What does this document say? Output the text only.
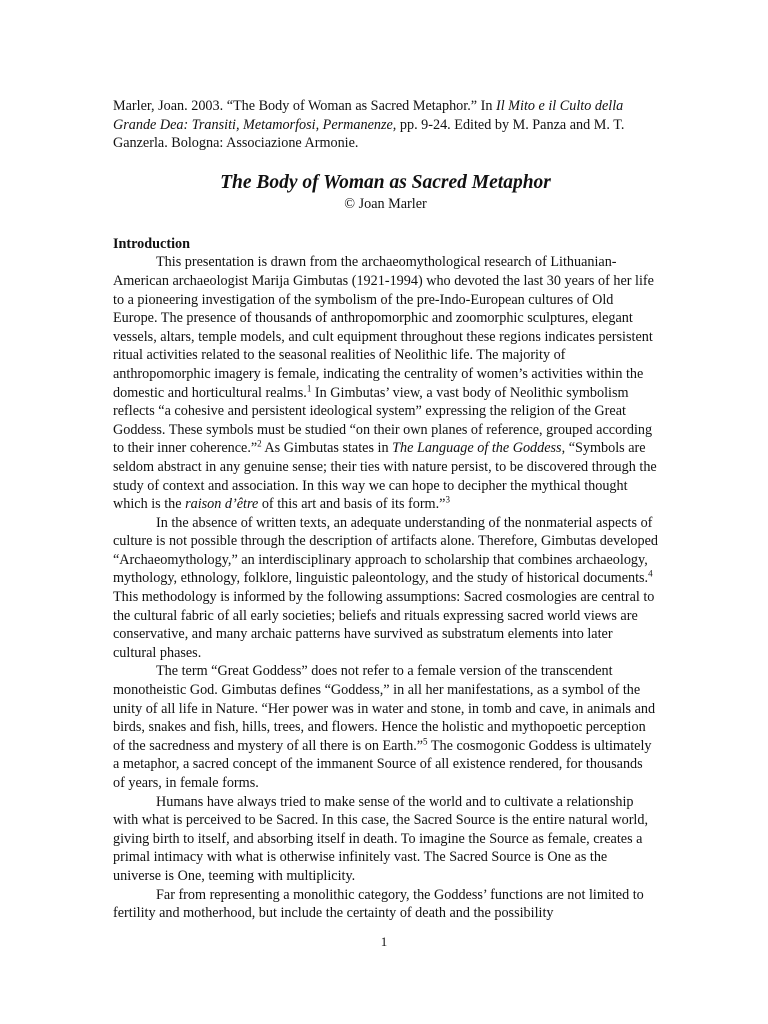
Marler, Joan. 2003. “The Body of Woman as Sacred Metaphor.” In Il Mito e il Culto della Grande Dea: Transiti, Metamorfosi, Permanenze, pp. 9-24. Edited by M. Panza and M. T. Ganzerla. Bologna: Associazione Armonie.

The Body of Woman as Sacred Metaphor

© Joan Marler

Introduction

This presentation is drawn from the archaeomythological research of Lithuanian-American archaeologist Marija Gimbutas (1921-1994) who devoted the last 30 years of her life to a pioneering investigation of the symbolism of the pre-Indo-European cultures of Old Europe. The presence of thousands of anthropomorphic and zoomorphic sculptures, elegant vessels, altars, temple models, and cult equipment throughout these regions indicates persistent ritual activities related to the seasonal realities of Neolithic life. The majority of anthropomorphic imagery is female, indicating the centrality of women’s activities within the domestic and horticultural realms.$^1$ In Gimbutas’ view, a vast body of Neolithic symbolism reflects “a cohesive and persistent ideological system” expressing the religion of the Great Goddess. These symbols must be studied “on their own planes of reference, grouped according to their inner coherence.”$^2$ As Gimbutas states in The Language of the Goddess, “Symbols are seldom abstract in any genuine sense; their ties with nature persist, to be discovered through the study of context and association. In this way we can hope to decipher the mythical thought which is the raison d’être of this art and basis of its form.”$^3$

In the absence of written texts, an adequate understanding of the nonmaterial aspects of culture is not possible through the description of artifacts alone. Therefore, Gimbutas developed “Archaeomythology,” an interdisciplinary approach to scholarship that combines archaeology, mythology, ethnology, folklore, linguistic paleontology, and the study of historical documents.$^4$ This methodology is informed by the following assumptions: Sacred cosmologies are central to the cultural fabric of all early societies; beliefs and rituals expressing sacred world views are conservative, and many archaic patterns have survived as substratum elements into later cultural phases.

The term “Great Goddess” does not refer to a female version of the transcendent monotheistic God. Gimbutas defines “Goddess,” in all her manifestations, as a symbol of the unity of all life in Nature. “Her power was in water and stone, in tomb and cave, in animals and birds, snakes and fish, hills, trees, and flowers. Hence the holistic and mythopoetic perception of the sacredness and mystery of all there is on Earth.”$^5$ The cosmogonic Goddess is ultimately a metaphor, a sacred concept of the immanent Source of all existence rendered, for thousands of years, in female forms.

Humans have always tried to make sense of the world and to cultivate a relationship with what is perceived to be Sacred. In this case, the Sacred Source is the entire natural world, giving birth to itself, and absorbing itself in death. To imagine the Source as female, creates a primal intimacy with what is otherwise infinitely vast. The Sacred Source is One as the universe is One, teeming with multiplicity.

Far from representing a monolithic category, the Goddess’ functions are not limited to fertility and motherhood, but include the certainty of death and the possibility

1
